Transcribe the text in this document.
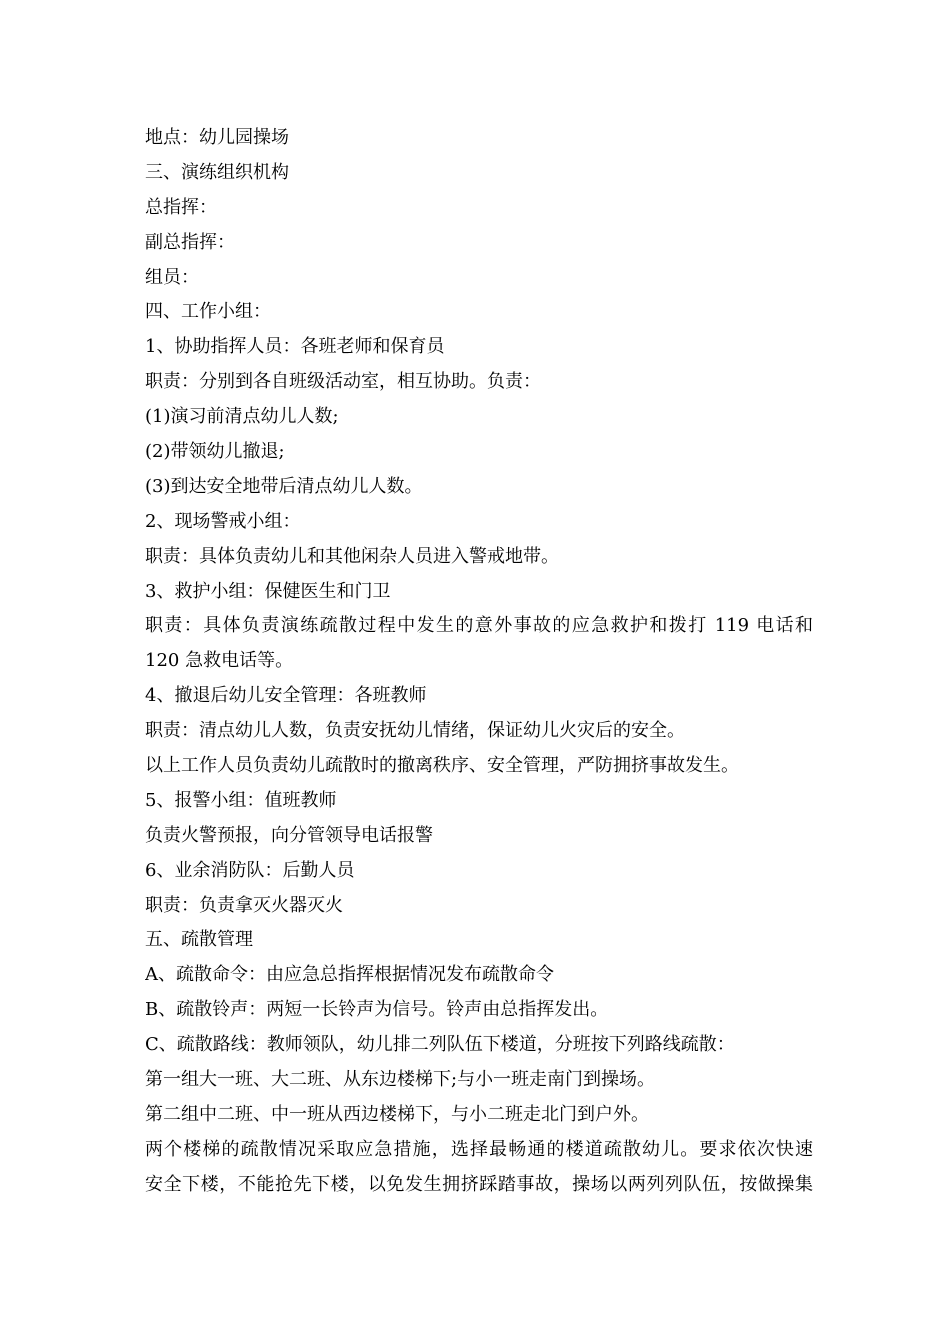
地点：幼儿园操场
三、演练组织机构
总指挥：
副总指挥：
组员：
四、工作小组：
1、协助指挥人员：各班老师和保育员
职责：分别到各自班级活动室，相互协助。负责：
(1)演习前清点幼儿人数;
(2)带领幼儿撤退;
(3)到达安全地带后清点幼儿人数。
2、现场警戒小组：
职责：具体负责幼儿和其他闲杂人员进入警戒地带。
3、救护小组：保健医生和门卫
职责：具体负责演练疏散过程中发生的意外事故的应急救护和拨打 119 电话和
120 急救电话等。
4、撤退后幼儿安全管理：各班教师
职责：清点幼儿人数，负责安抚幼儿情绪，保证幼儿火灾后的安全。
以上工作人员负责幼儿疏散时的撤离秩序、安全管理，严防拥挤事故发生。
5、报警小组：值班教师
负责火警预报，向分管领导电话报警
6、业余消防队：后勤人员
职责：负责拿灭火器灭火
五、疏散管理
A、疏散命令：由应急总指挥根据情况发布疏散命令
B、疏散铃声：两短一长铃声为信号。铃声由总指挥发出。
C、疏散路线：教师领队，幼儿排二列队伍下楼道，分班按下列路线疏散：
第一组大一班、大二班、从东边楼梯下;与小一班走南门到操场。
第二组中二班、中一班从西边楼梯下，与小二班走北门到户外。
两个楼梯的疏散情况采取应急措施，选择最畅通的楼道疏散幼儿。要求依次快速
安全下楼，不能抢先下楼，以免发生拥挤踩踏事故，操场以两列列队伍，按做操集
